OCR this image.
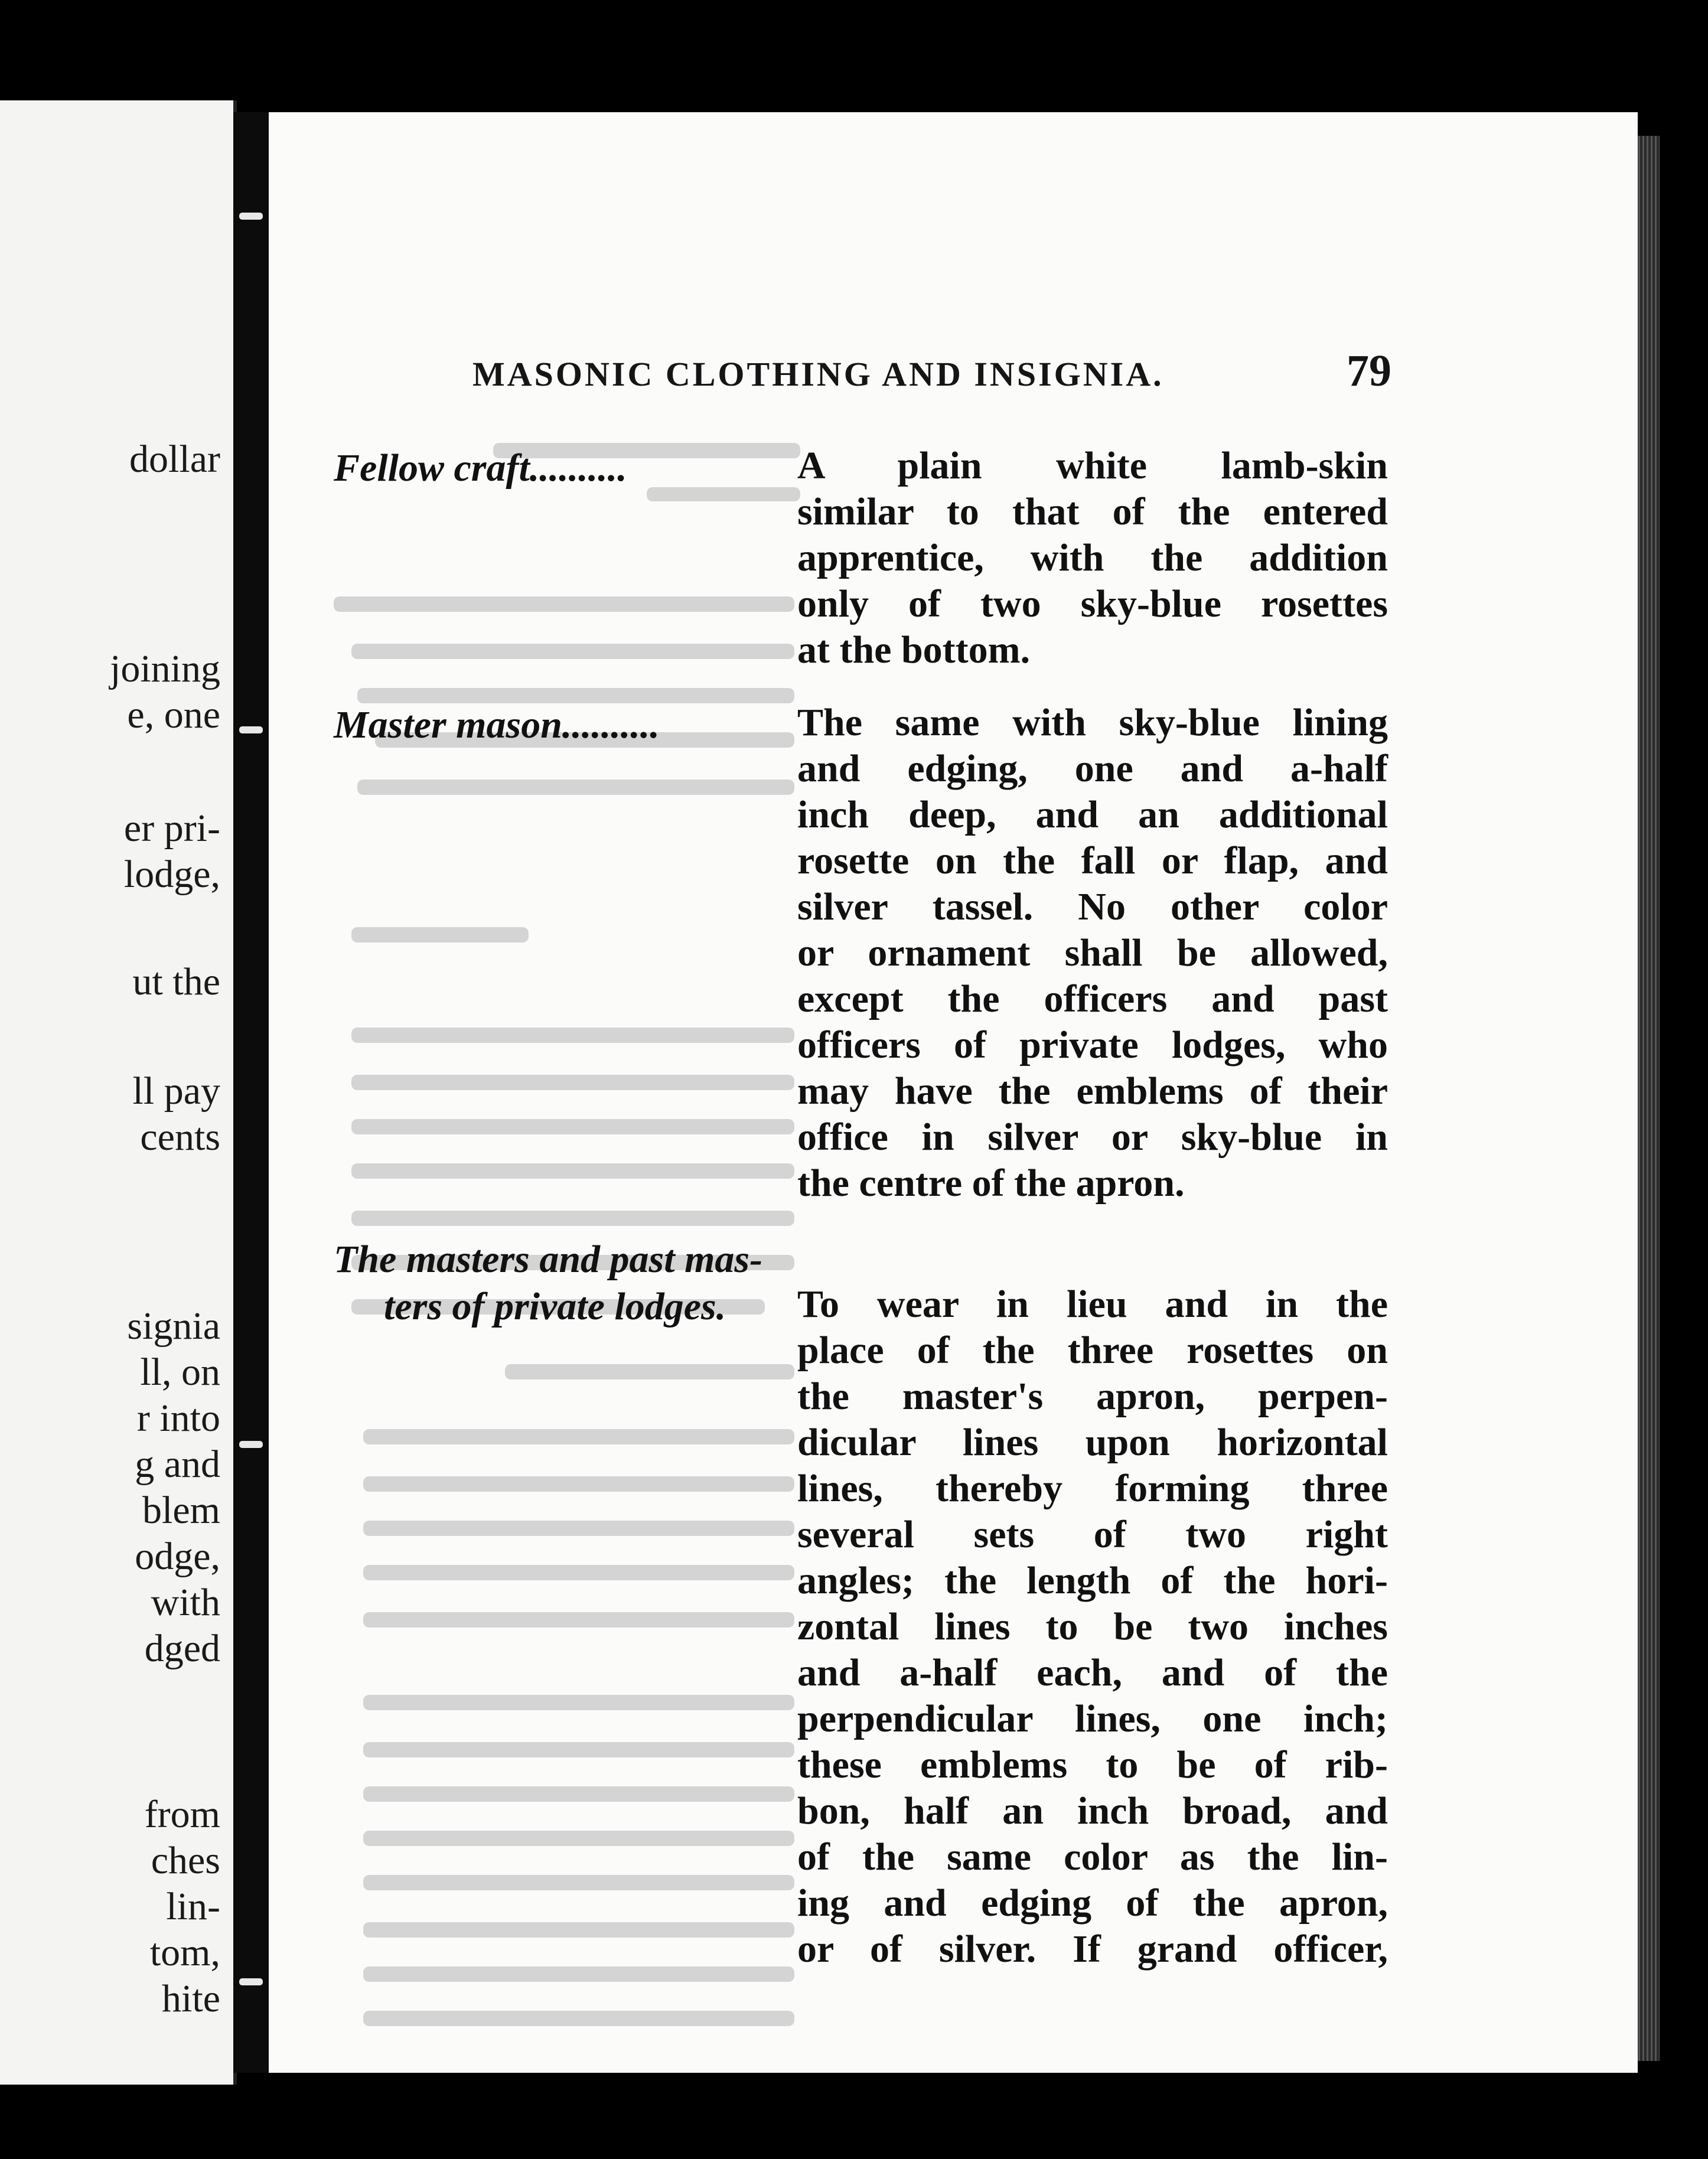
dollar
joining
e, one
er pri-
lodge,
ut the
ll pay
cents
signia
ll, on
r into
g and
blem
odge,
with
dged
from
ches
lin-
tom,
hite
MASONIC CLOTHING AND INSIGNIA.	79
Fellow craft..........	A plain white lamb-skin
similar to that of the entered
apprentice, with the addition
only of two sky-blue rosettes
at the bottom.
Master mason..........	The same with sky-blue lining
and edging, one and a-half
inch deep, and an additional
rosette on the fall or flap, and
silver tassel. No other color
or ornament shall be allowed,
except the officers and past
officers of private lodges, who
may have the emblems of their
office in silver or sky-blue in
the centre of the apron.
The masters and past mas-
ters of private lodges. To wear in lieu and in the
place of the three rosettes on
the master's apron, perpen-
dicular lines upon horizontal
lines, thereby forming three
several sets of two right
angles; the length of the hori-
zontal lines to be two inches
and a-half each, and of the
perpendicular lines, one inch;
these emblems to be of rib-
bon, half an inch broad, and
of the same color as the lin-
ing and edging of the apron,
or of silver. If grand officer,
